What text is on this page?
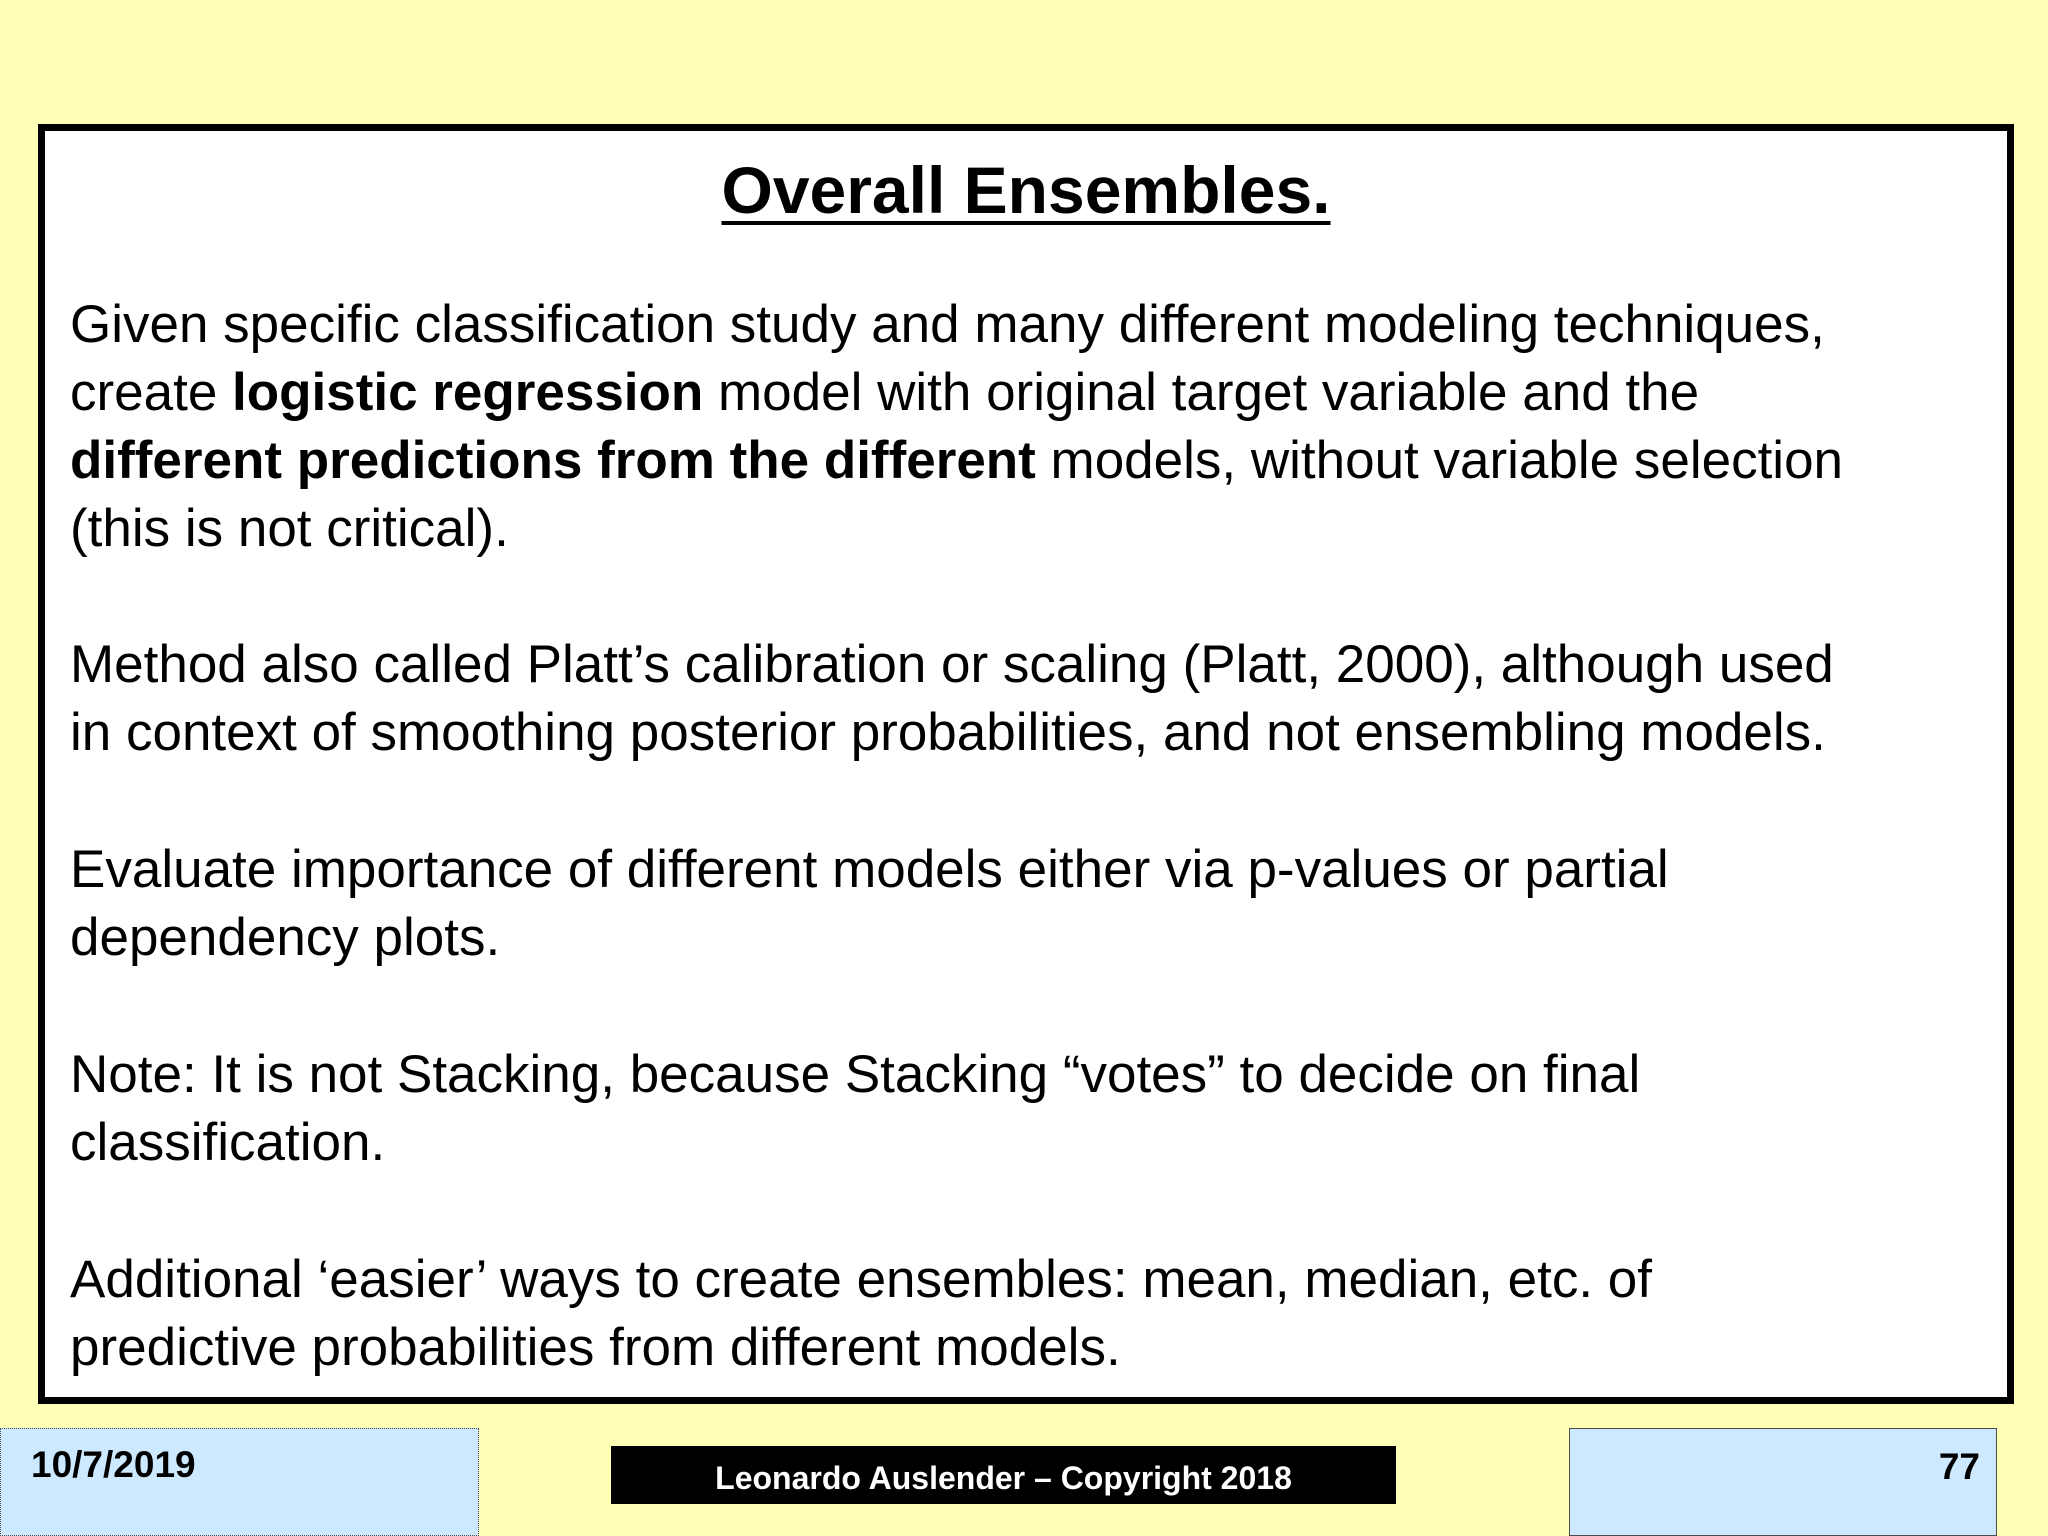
Overall Ensembles.

Given specific classification study and many different modeling techniques,
create logistic regression model with original target variable and the
different predictions from the different models, without variable selection
(this is not critical).

Method also called Platt’s calibration or scaling (Platt, 2000), although used
in context of smoothing posterior probabilities, and not ensembling models.

Evaluate importance of different models either via p-values or partial
dependency plots.

Note: It is not Stacking, because Stacking “votes” to decide on final
classification.

Additional ‘easier’ ways to create ensembles: mean, median, etc. of
predictive probabilities from different models.

10/7/2019	Leonardo Auslender – Copyright 2018	77
